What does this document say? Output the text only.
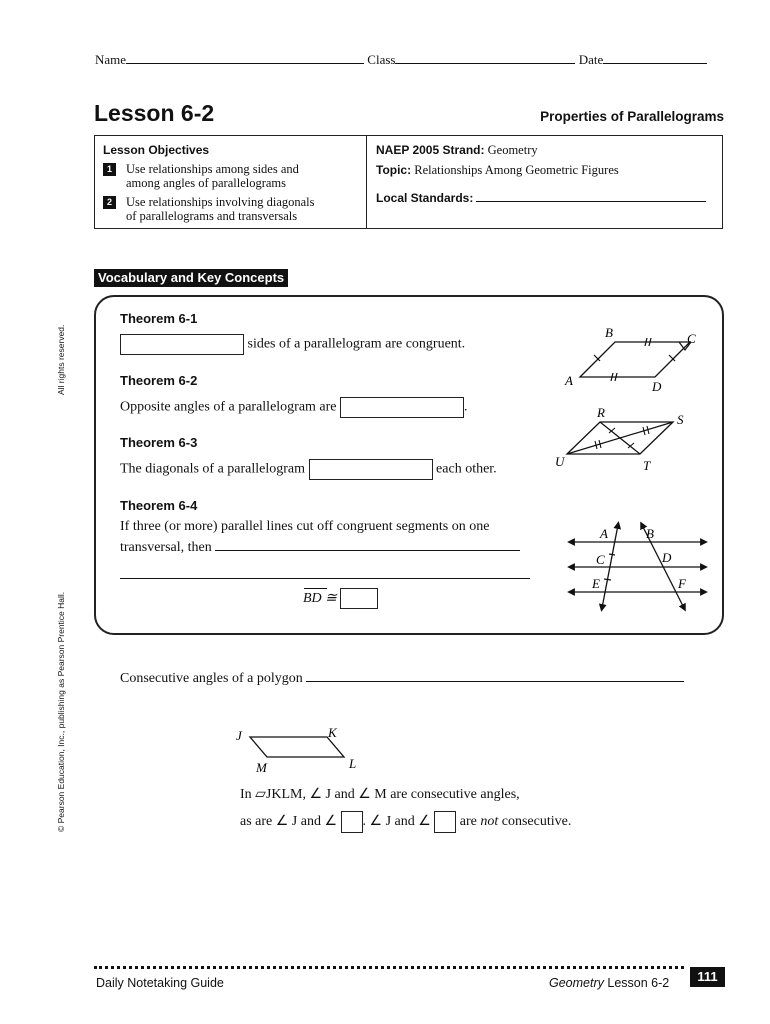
All rights reserved.
© Pearson Education, Inc., publishing as Pearson Prentice Hall.
Name	Class	Date
Lesson 6-2	Properties of Parallelograms
Lesson Objectives
1	Use relationships among sides and
among angles of parallelograms
2	Use relationships involving diagonals
of parallelograms and transversals
NAEP 2005 Strand: Geometry
Topic: Relationships Among Geometric Figures
Local Standards:
Vocabulary and Key Concepts
Theorem 6-1
sides of a parallelogram are congruent.
Theorem 6-2
Opposite angles of a parallelogram are	.
Theorem 6-3
The diagonals of a parallelogram	each other.
Theorem 6-4
If three (or more) parallel lines cut off congruent segments on one
transversal, then
BD ≅
B	C
A	D
R	S
T
U
A	B
C	D
E	F
Consecutive angles of a polygon
J	K
L
M
In ▱JKLM, ∠ J and ∠ M are consecutive angles,
as are ∠ J and ∠ . ∠ J and ∠ are not consecutive.
Daily Notetaking Guide	Geometry Lesson 6-2	111
